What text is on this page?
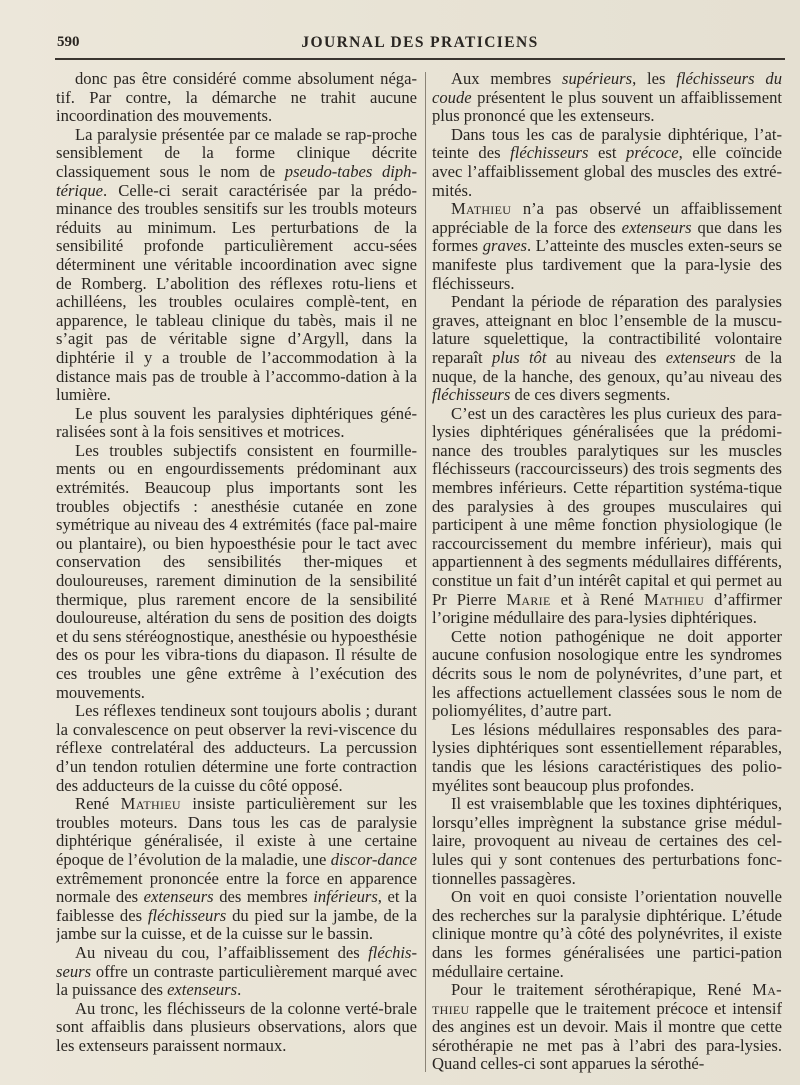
590	JOURNAL DES PRATICIENS

donc pas être considéré comme absolument néga-tif. Par contre, la démarche ne trahit aucune incoordination des mouvements.

La paralysie présentée par ce malade se rap-proche sensiblement de la forme clinique décrite classiquement sous le nom de pseudo-tabes diph-térique. Celle-ci serait caractérisée par la prédo-minance des troubles sensitifs sur les troubls moteurs réduits au minimum. Les perturbations de la sensibilité profonde particulièrement accu-sées déterminent une véritable incoordination avec signe de Romberg. L’abolition des réflexes rotu-liens et achilléens, les troubles oculaires complè-tent, en apparence, le tableau clinique du tabès, mais il ne s’agit pas de véritable signe d’Argyll, dans la diphtérie il y a trouble de l’accommodation à la distance mais pas de trouble à l’accommo-dation à la lumière.

Le plus souvent les paralysies diphtériques géné-ralisées sont à la fois sensitives et motrices.

Les troubles subjectifs consistent en fourmille-ments ou en engourdissements prédominant aux extrémités. Beaucoup plus importants sont les troubles objectifs : anesthésie cutanée en zone symétrique au niveau des 4 extrémités (face pal-maire ou plantaire), ou bien hypoesthésie pour le tact avec conservation des sensibilités ther-miques et douloureuses, rarement diminution de la sensibilité thermique, plus rarement encore de la sensibilité douloureuse, altération du sens de position des doigts et du sens stéréognostique, anesthésie ou hypoesthésie des os pour les vibra-tions du diapason. Il résulte de ces troubles une gêne extrême à l’exécution des mouvements.

Les réflexes tendineux sont toujours abolis ; durant la convalescence on peut observer la revi-viscence du réflexe contrelatéral des adducteurs. La percussion d’un tendon rotulien détermine une forte contraction des adducteurs de la cuisse du côté opposé.

René Mathieu insiste particulièrement sur les troubles moteurs. Dans tous les cas de paralysie diphtérique généralisée, il existe à une certaine époque de l’évolution de la maladie, une discor-dance extrêmement prononcée entre la force en apparence normale des extenseurs des membres inférieurs, et la faiblesse des fléchisseurs du pied sur la jambe, de la jambe sur la cuisse, et de la cuisse sur le bassin.

Au niveau du cou, l’affaiblissement des fléchis-seurs offre un contraste particulièrement marqué avec la puissance des extenseurs.

Au tronc, les fléchisseurs de la colonne verté-brale sont affaiblis dans plusieurs observations, alors que les extenseurs paraissent normaux.

Aux membres supérieurs, les fléchisseurs du coude présentent le plus souvent un affaiblissement plus prononcé que les extenseurs.

Dans tous les cas de paralysie diphtérique, l’at-teinte des fléchisseurs est précoce, elle coïncide avec l’affaiblissement global des muscles des extré-mités.

Mathieu n’a pas observé un affaiblissement appréciable de la force des extenseurs que dans les formes graves. L’atteinte des muscles exten-seurs se manifeste plus tardivement que la para-lysie des fléchisseurs.

Pendant la période de réparation des paralysies graves, atteignant en bloc l’ensemble de la muscu-lature squelettique, la contractibilité volontaire reparaît plus tôt au niveau des extenseurs de la nuque, de la hanche, des genoux, qu’au niveau des fléchisseurs de ces divers segments.

C’est un des caractères les plus curieux des para-lysies diphtériques généralisées que la prédomi-nance des troubles paralytiques sur les muscles fléchisseurs (raccourcisseurs) des trois segments des membres inférieurs. Cette répartition systéma-tique des paralysies à des groupes musculaires qui participent à une même fonction physiologique (le raccourcissement du membre inférieur), mais qui appartiennent à des segments médullaires différents, constitue un fait d’un intérêt capital et qui permet au Pr Pierre Marie et à René Mathieu d’affirmer l’origine médullaire des para-lysies diphtériques.

Cette notion pathogénique ne doit apporter aucune confusion nosologique entre les syndromes décrits sous le nom de polynévrites, d’une part, et les affections actuellement classées sous le nom de poliomyélites, d’autre part.

Les lésions médullaires responsables des para-lysies diphtériques sont essentiellement réparables, tandis que les lésions caractéristiques des polio-myélites sont beaucoup plus profondes.

Il est vraisemblable que les toxines diphtériques, lorsqu’elles imprègnent la substance grise médul-laire, provoquent au niveau de certaines des cel-lules qui y sont contenues des perturbations fonc-tionnelles passagères.

On voit en quoi consiste l’orientation nouvelle des recherches sur la paralysie diphtérique. L’étude clinique montre qu’à côté des polynévrites, il existe dans les formes généralisées une partici-pation médullaire certaine.

Pour le traitement sérothérapique, René Ma-thieu rappelle que le traitement précoce et intensif des angines est un devoir. Mais il montre que cette sérothérapie ne met pas à l’abri des para-lysies. Quand celles-ci sont apparues la sérothé-
